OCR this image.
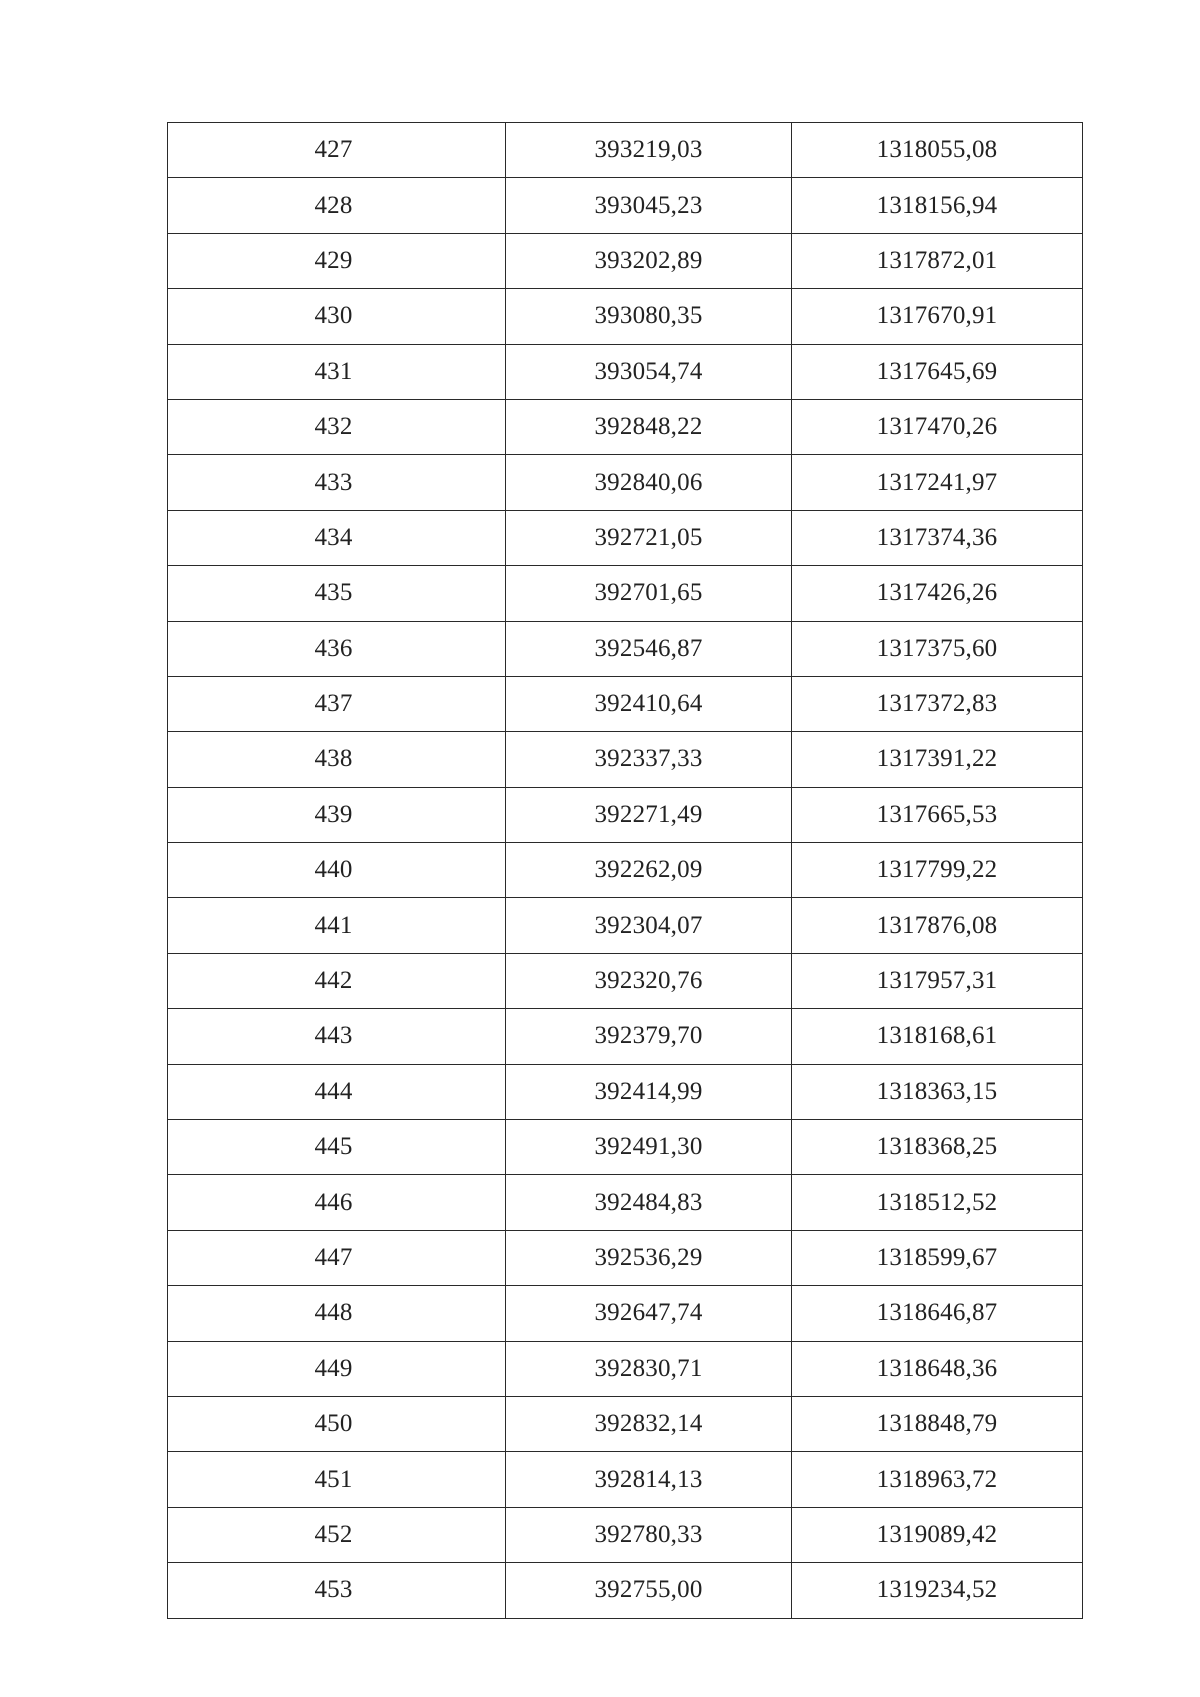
427	393219,03	1318055,08
428	393045,23	1318156,94
429	393202,89	1317872,01
430	393080,35	1317670,91
431	393054,74	1317645,69
432	392848,22	1317470,26
433	392840,06	1317241,97
434	392721,05	1317374,36
435	392701,65	1317426,26
436	392546,87	1317375,60
437	392410,64	1317372,83
438	392337,33	1317391,22
439	392271,49	1317665,53
440	392262,09	1317799,22
441	392304,07	1317876,08
442	392320,76	1317957,31
443	392379,70	1318168,61
444	392414,99	1318363,15
445	392491,30	1318368,25
446	392484,83	1318512,52
447	392536,29	1318599,67
448	392647,74	1318646,87
449	392830,71	1318648,36
450	392832,14	1318848,79
451	392814,13	1318963,72
452	392780,33	1319089,42
453	392755,00	1319234,52
